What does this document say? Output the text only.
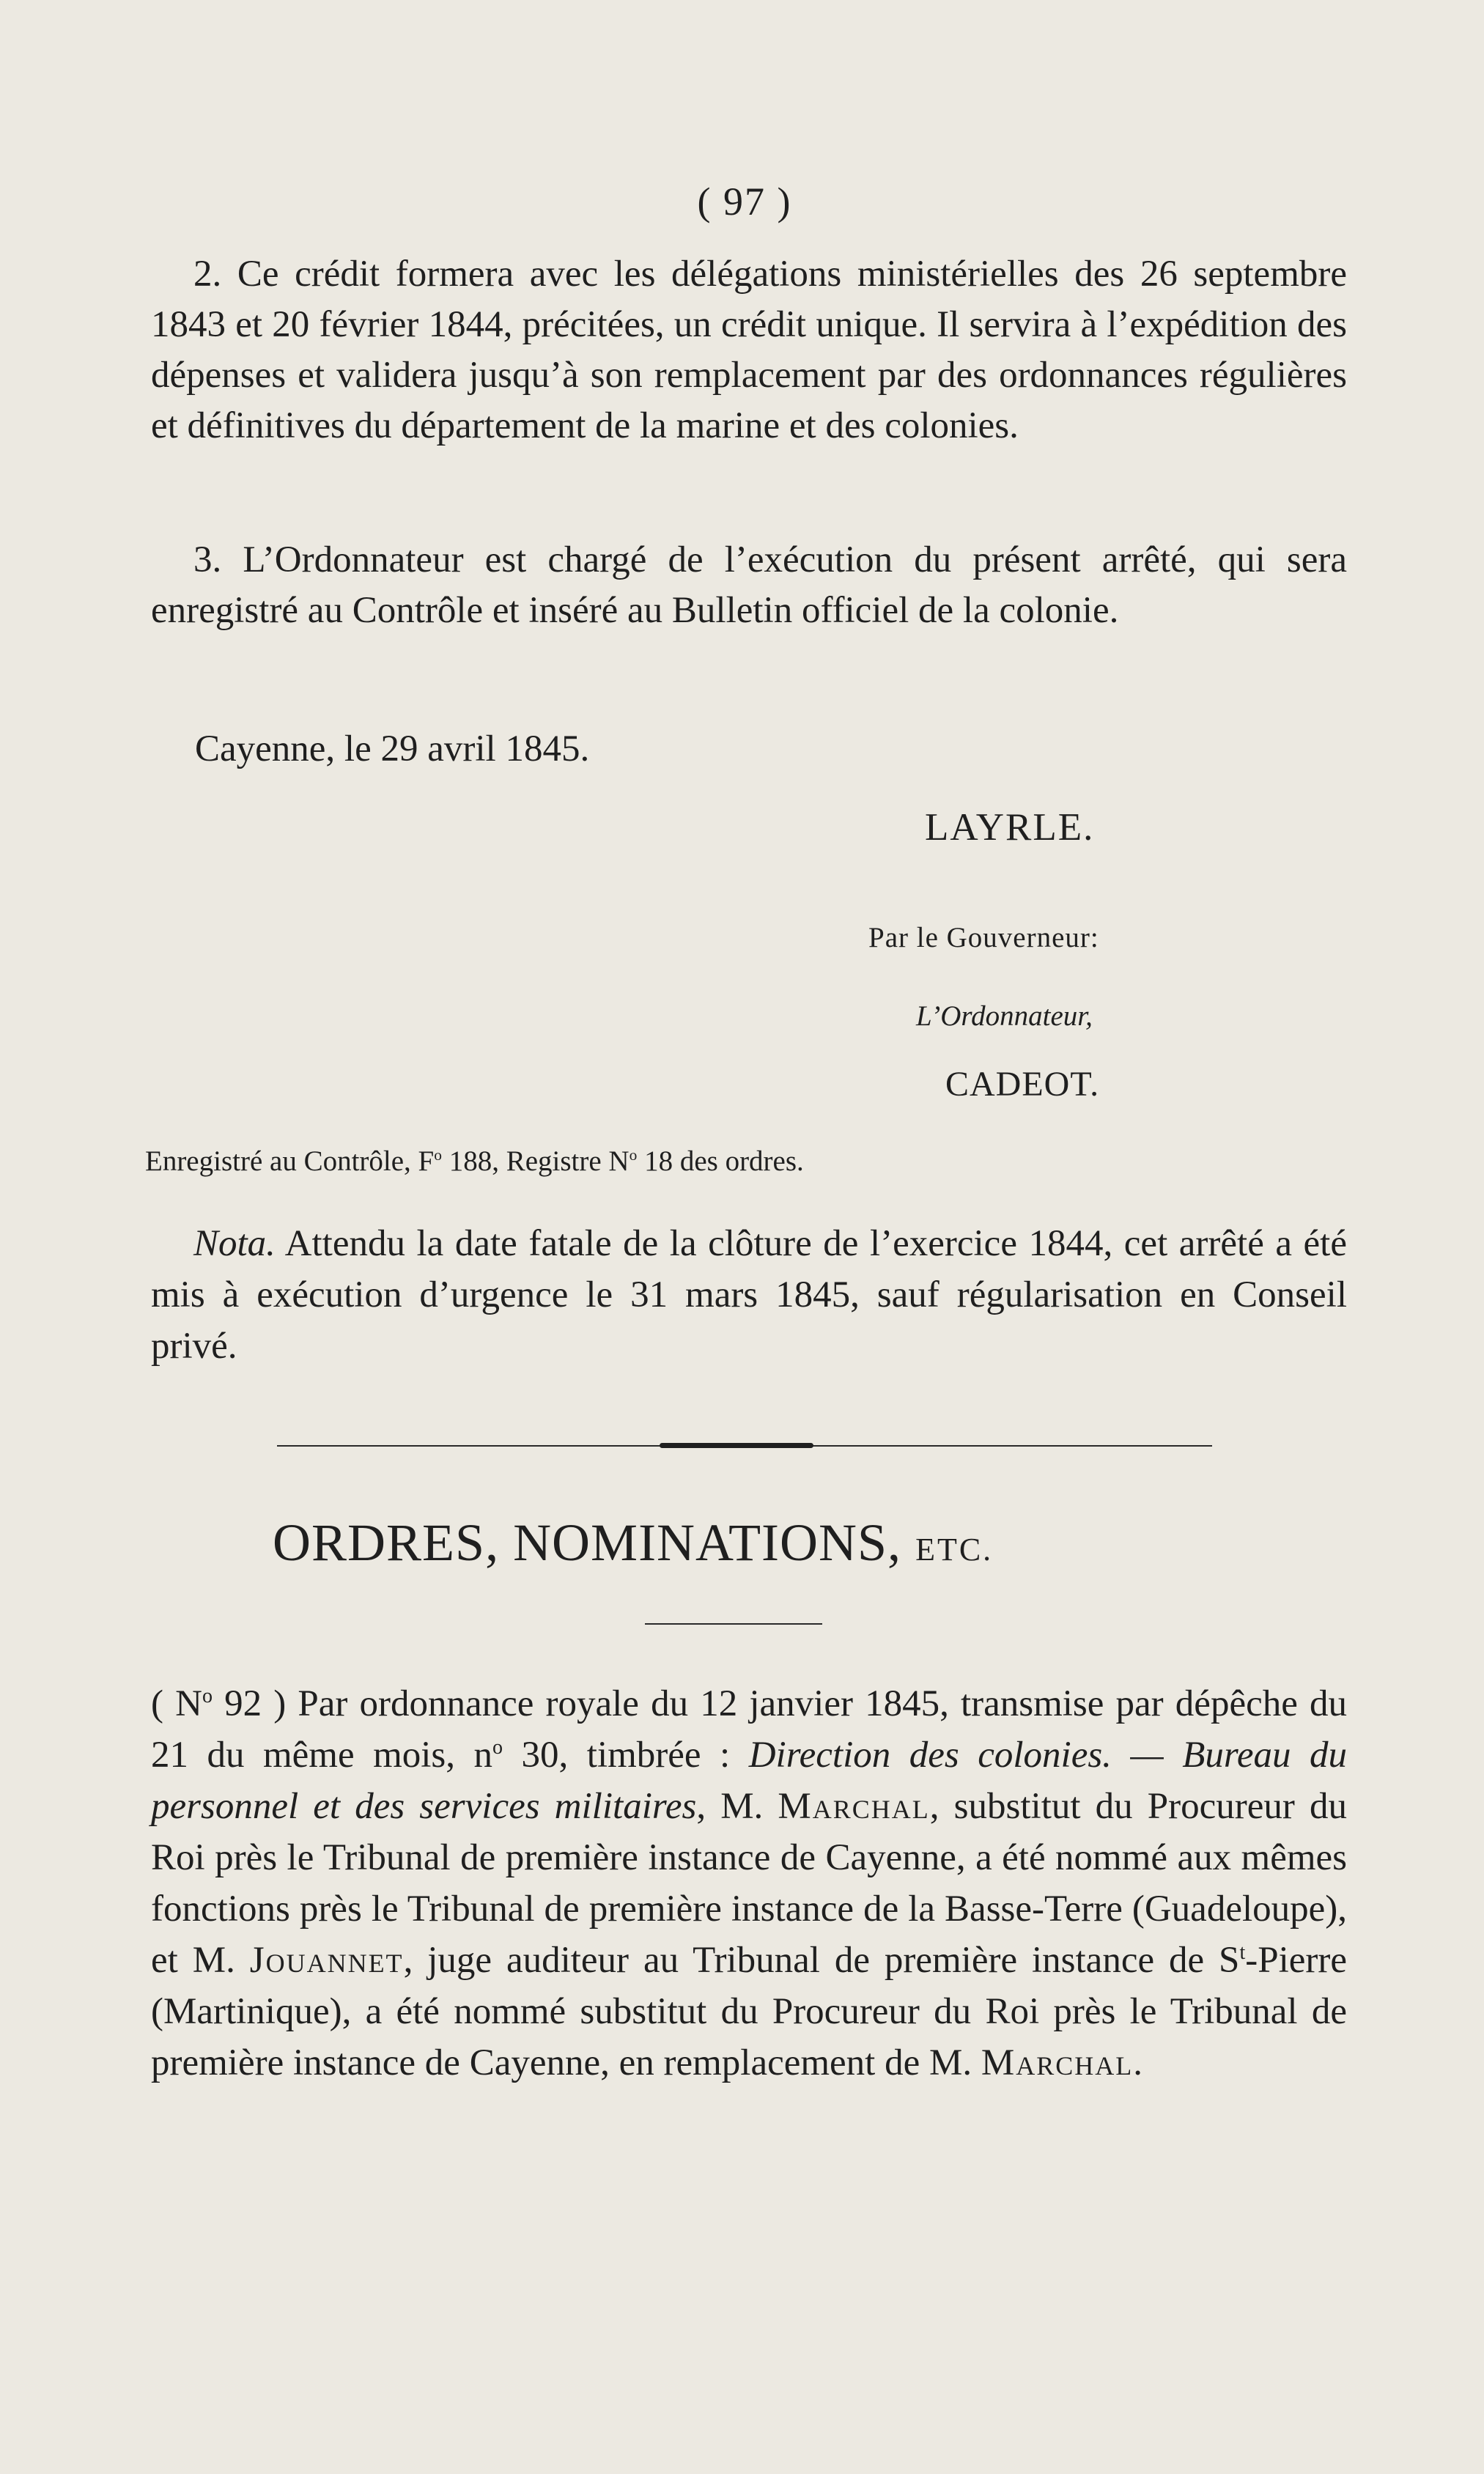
( 97 )

2. Ce crédit formera avec les délégations ministérielles des 26 septembre 1843 et 20 février 1844, précitées, un crédit unique. Il servira à l’expédition des dépenses et validera jusqu’à son remplacement par des ordonnances régulières et définitives du département de la marine et des colonies.

3. L’Ordonnateur est chargé de l’exécution du présent arrêté, qui sera enregistré au Contrôle et inséré au Bulletin officiel de la colonie.

Cayenne, le 29 avril 1845.
LAYRLE.
Par le Gouverneur:
L’Ordonnateur,
CADEOT.
Enregistré au Contrôle, $F^o$ 188, Registre $N^o$ 18 des ordres.

Nota. Attendu la date fatale de la clôture de l’exercice 1844, cet arrêté a été mis à exécution d’urgence le 31 mars 1845, sauf régularisation en Conseil privé.

ORDRES, NOMINATIONS, ETC.

( $N^o$ 92 ) Par ordonnance royale du 12 janvier 1845, transmise par dépêche du 21 du même mois, $n^o$ 30, timbrée : Direction des colonies. — Bureau du personnel et des services militaires, M. Marchal, substitut du Procureur du Roi près le Tribunal de première instance de Cayenne, a été nommé aux mêmes fonctions près le Tribunal de première instance de la Basse-Terre (Guadeloupe), et M. Jouannet, juge auditeur au Tribunal de première instance de $S^t$-Pierre (Martinique), a été nommé substitut du Procureur du Roi près le Tribunal de première instance de Cayenne, en remplacement de M. Marchal.
